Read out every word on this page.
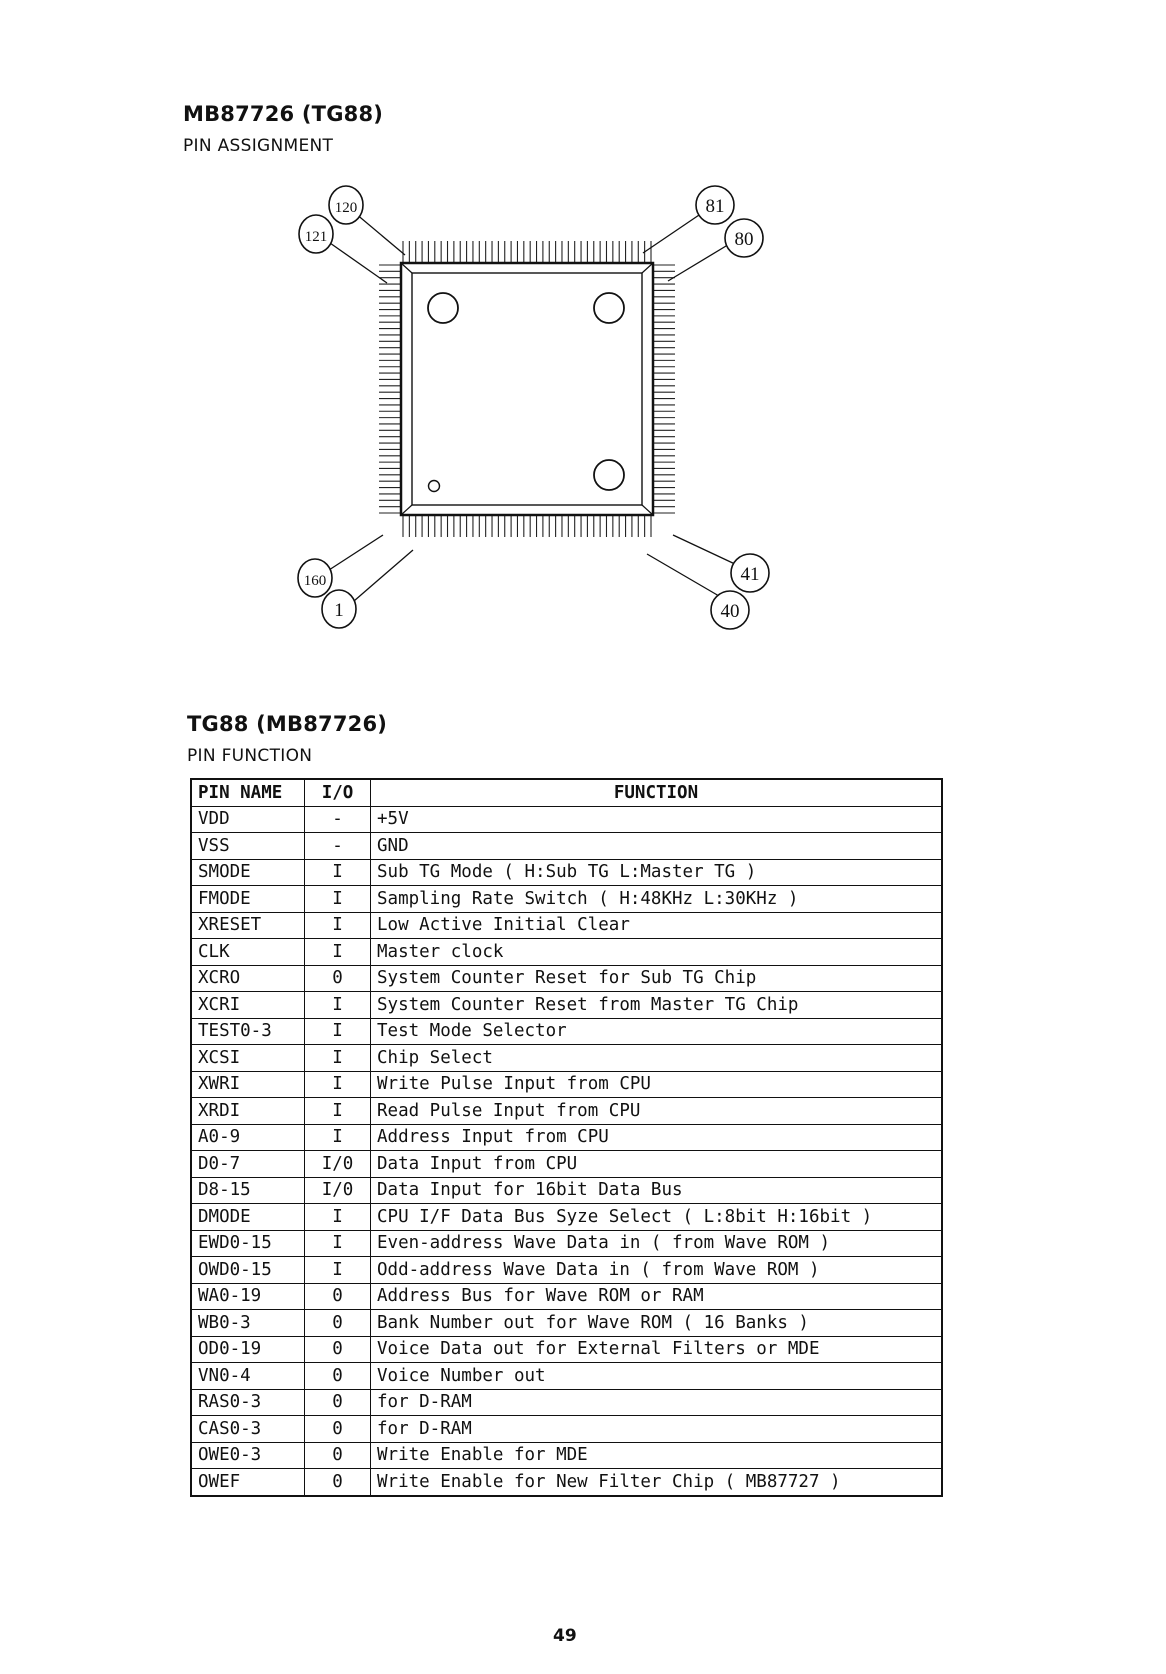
MB87726 (TG88)
PIN ASSIGNMENT
120
121
81
80
160
1
41
40
TG88 (MB87726)
PIN FUNCTION
PIN NAME	I/O	FUNCTION
VDD	-	+5V
VSS	-	GND
SMODE	I	Sub TG Mode ( H:Sub TG L:Master TG )
FMODE	I	Sampling Rate Switch ( H:48KHz L:30KHz )
XRESET	I	Low Active Initial Clear
CLK	I	Master clock
XCRO	0	System Counter Reset for Sub TG Chip
XCRI	I	System Counter Reset from Master TG Chip
TEST0-3	I	Test Mode Selector
XCSI	I	Chip Select
XWRI	I	Write Pulse Input from CPU
XRDI	I	Read Pulse Input from CPU
A0-9	I	Address Input from CPU
D0-7	I/0	Data Input from CPU
D8-15	I/0	Data Input for 16bit Data Bus
DMODE	I	CPU I/F Data Bus Syze Select ( L:8bit H:16bit )
EWD0-15	I	Even-address Wave Data in ( from Wave ROM )
OWD0-15	I	Odd-address Wave Data in ( from Wave ROM )
WA0-19	0	Address Bus for Wave ROM or RAM
WB0-3	0	Bank Number out for Wave ROM ( 16 Banks )
OD0-19	0	Voice Data out for External Filters or MDE
VN0-4	0	Voice Number out
RAS0-3	0	for D-RAM
CAS0-3	0	for D-RAM
OWE0-3	0	Write Enable for MDE
OWEF	0	Write Enable for New Filter Chip ( MB87727 )
49
